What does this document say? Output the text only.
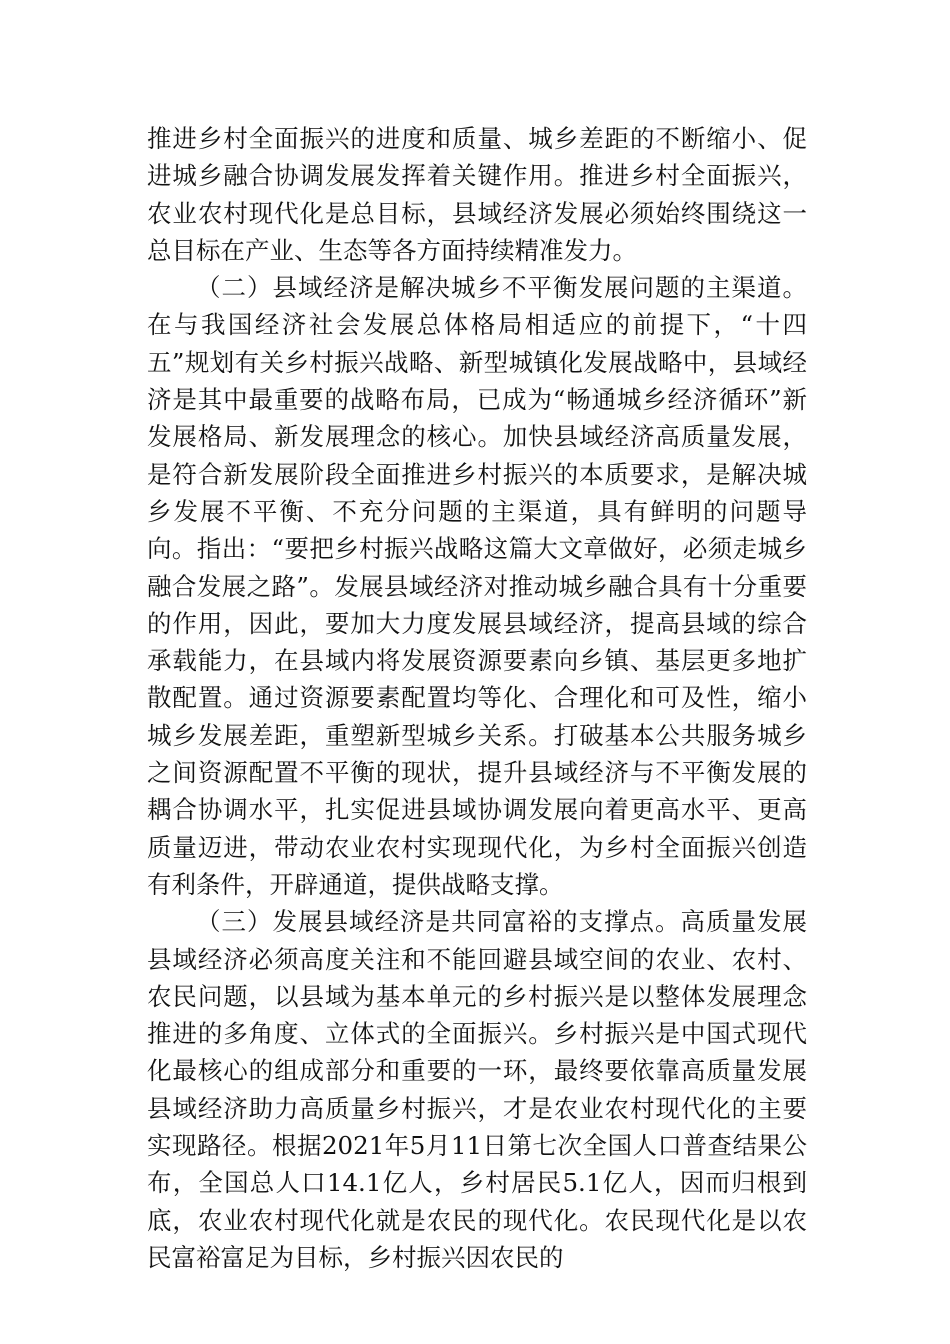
推进乡村全面振兴的进度和质量、城乡差距的不断缩小、促进城乡融合协调发展发挥着关键作用。推进乡村全面振兴，农业农村现代化是总目标，县域经济发展必须始终围绕这一总目标在产业、生态等各方面持续精准发力。

（二）县域经济是解决城乡不平衡发展问题的主渠道。在与我国经济社会发展总体格局相适应的前提下，“十四五”规划有关乡村振兴战略、新型城镇化发展战略中，县域经济是其中最重要的战略布局，已成为“畅通城乡经济循环”新发展格局、新发展理念的核心。加快县域经济高质量发展，是符合新发展阶段全面推进乡村振兴的本质要求，是解决城乡发展不平衡、不充分问题的主渠道，具有鲜明的问题导向。指出：“要把乡村振兴战略这篇大文章做好，必须走城乡融合发展之路”。发展县域经济对推动城乡融合具有十分重要的作用，因此，要加大力度发展县域经济，提高县域的综合承载能力，在县域内将发展资源要素向乡镇、基层更多地扩散配置。通过资源要素配置均等化、合理化和可及性，缩小城乡发展差距，重塑新型城乡关系。打破基本公共服务城乡之间资源配置不平衡的现状，提升县域经济与不平衡发展的耦合协调水平，扎实促进县域协调发展向着更高水平、更高质量迈进，带动农业农村实现现代化，为乡村全面振兴创造有利条件，开辟通道，提供战略支撑。

（三）发展县域经济是共同富裕的支撑点。高质量发展县域经济必须高度关注和不能回避县域空间的农业、农村、农民问题，以县域为基本单元的乡村振兴是以整体发展理念推进的多角度、立体式的全面振兴。乡村振兴是中国式现代化最核心的组成部分和重要的一环，最终要依靠高质量发展县域经济助力高质量乡村振兴，才是农业农村现代化的主要实现路径。根据2021年5月11日第七次全国人口普查结果公布，全国总人口14.1亿人，乡村居民5.1亿人，因而归根到底，农业农村现代化就是农民的现代化。农民现代化是以农民富裕富足为目标，乡村振兴因农民的
